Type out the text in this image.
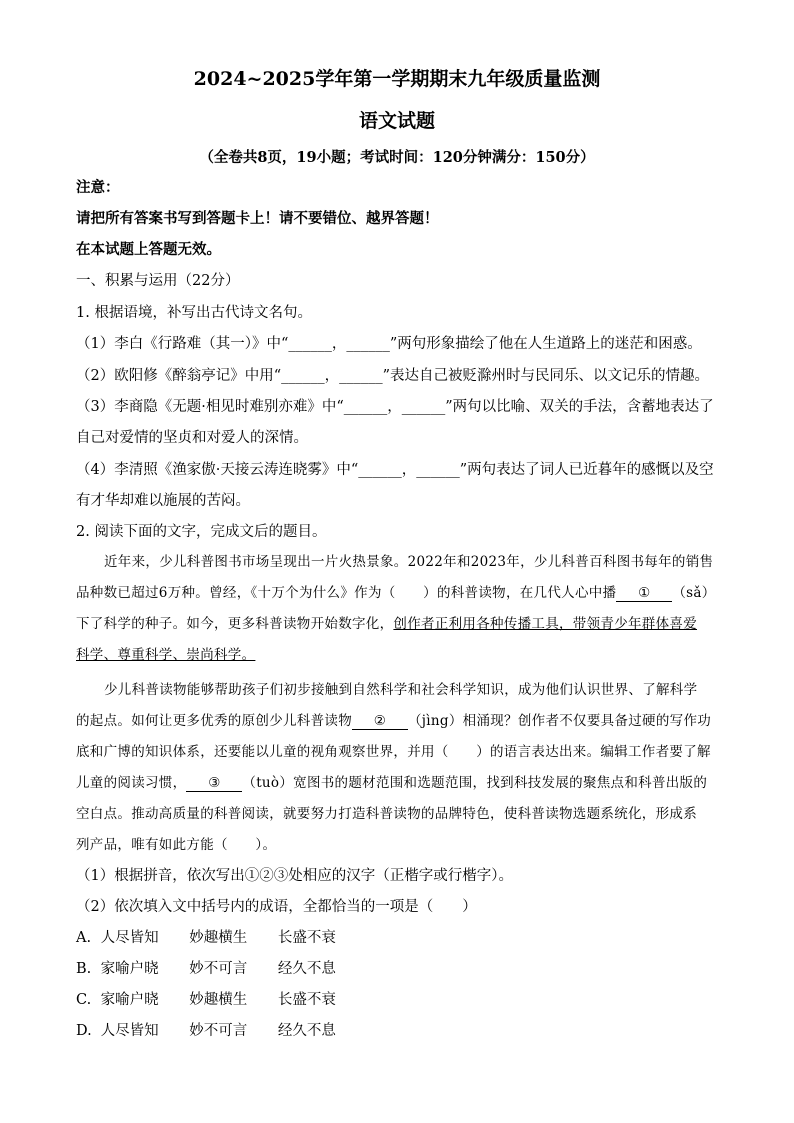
2024~2025学年第一学期期末九年级质量监测
语文试题
（全卷共8页，19小题；考试时间：120分钟满分：150分）
注意：
请把所有答案书写到答题卡上！请不要错位、越界答题！
在本试题上答题无效。
一、积累与运用（22分）
1. 根据语境，补写出古代诗文名句。
（1）李白《行路难（其一）》中“______，______”两句形象描绘了他在人生道路上的迷茫和困惑。
（2）欧阳修《醉翁亭记》中用“______，______”表达自己被贬滁州时与民同乐、以文记乐的情趣。
（3）李商隐《无题·相见时难别亦难》中“______，______”两句以比喻、双关的手法，含蓄地表达了
自己对爱情的坚贞和对爱人的深情。
（4）李清照《渔家傲·天接云涛连晓雾》中“______，______”两句表达了词人已近暮年的感慨以及空
有才华却难以施展的苦闷。
2. 阅读下面的文字，完成文后的题目。
近年来，少儿科普图书市场呈现出一片火热景象。2022年和2023年，少儿科普百科图书每年的销售
品种数已超过6万种。曾经，《十万个为什么》作为（　　）的科普读物，在几代人心中播 ① （sǎ）
下了科学的种子。如今，更多科普读物开始数字化，创作者正利用各种传播工具，带领青少年群体喜爱
科学、尊重科学、崇尚科学。
少儿科普读物能够帮助孩子们初步接触到自然科学和社会科学知识，成为他们认识世界、了解科学
的起点。如何让更多优秀的原创少儿科普读物 ② （jìng）相涌现？创作者不仅要具备过硬的写作功
底和广博的知识体系，还要能以儿童的视角观察世界，并用（　　）的语言表达出来。编辑工作者要了解
儿童的阅读习惯， ③ （tuò）宽图书的题材范围和选题范围，找到科技发展的聚焦点和科普出版的
空白点。推动高质量的科普阅读，就要努力打造科普读物的品牌特色，使科普读物选题系统化，形成系
列产品，唯有如此方能（　　）。
（1）根据拼音，依次写出①②③处相应的汉字（正楷字或行楷字）。
（2）依次填入文中括号内的成语，全都恰当的一项是（　　）
A. 人尽皆知 妙趣横生 长盛不衰
B. 家喻户晓 妙不可言 经久不息
C. 家喻户晓 妙趣横生 长盛不衰
D. 人尽皆知 妙不可言 经久不息
